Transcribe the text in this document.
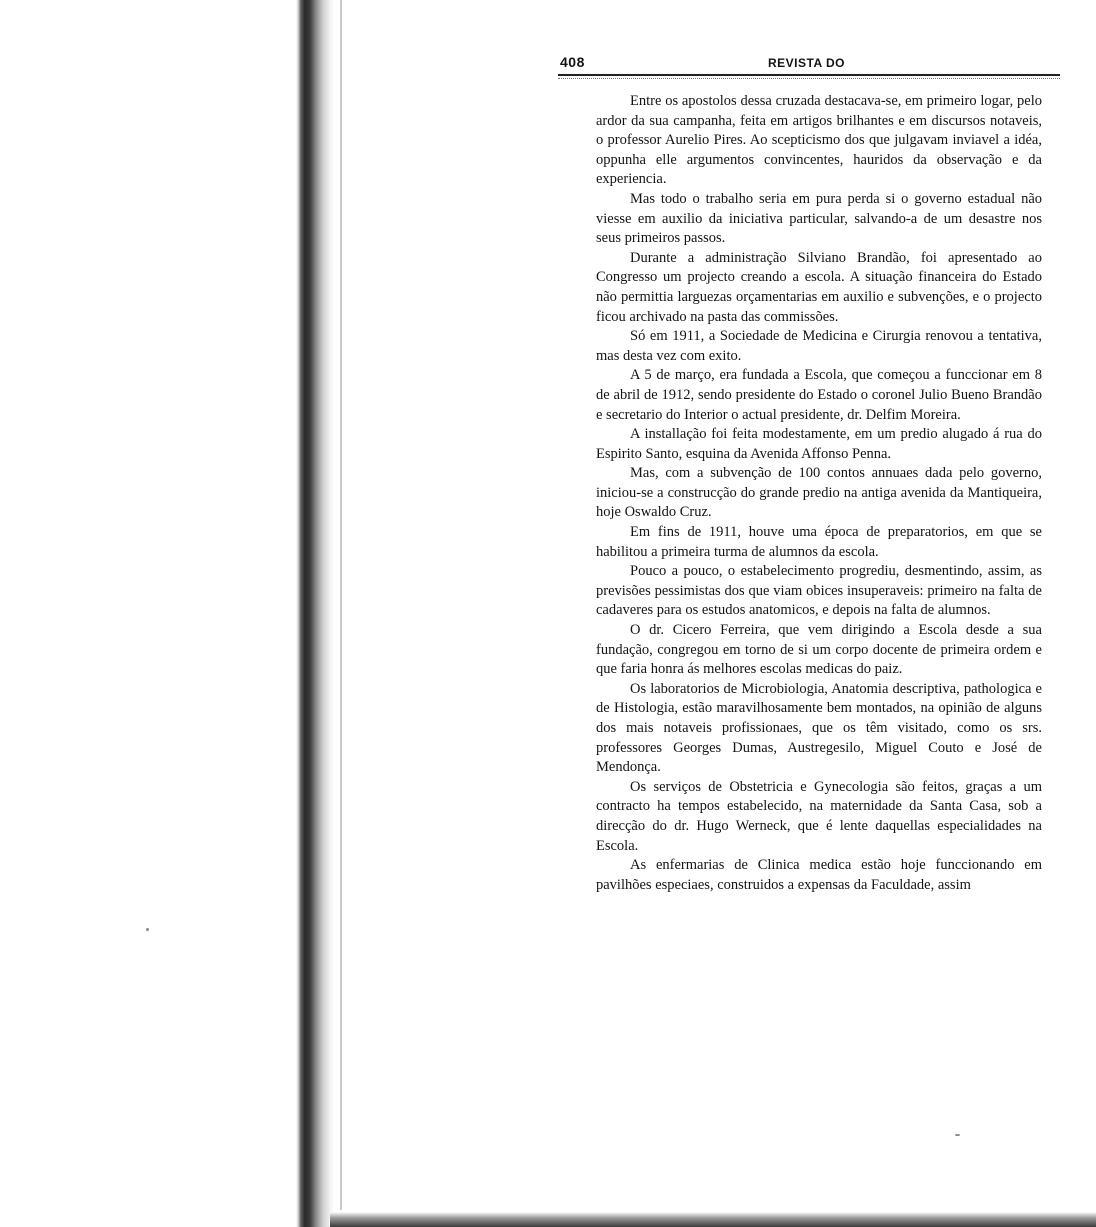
408	REVISTA DO

Entre os apostolos dessa cruzada destacava-se, em primeiro logar, pelo ardor da sua campanha, feita em artigos brilhantes e em discursos notaveis, o professor Aurelio Pires. Ao scepticismo dos que julgavam inviavel a idéa, oppunha elle argumentos convincentes, hauridos da observação e da experiencia.

Mas todo o trabalho seria em pura perda si o governo estadual não viesse em auxilio da iniciativa particular, salvando-a de um desastre nos seus primeiros passos.

Durante a administração Silviano Brandão, foi apresentado ao Congresso um projecto creando a escola. A situação financeira do Estado não permittia larguezas orçamentarias em auxilio e subvenções, e o projecto ficou archivado na pasta das commissões.

Só em 1911, a Sociedade de Medicina e Cirurgia renovou a tentativa, mas desta vez com exito.

A 5 de março, era fundada a Escola, que começou a funccionar em 8 de abril de 1912, sendo presidente do Estado o coronel Julio Bueno Brandão e secretario do Interior o actual presidente, dr. Delfim Moreira.

A installação foi feita modestamente, em um predio alugado á rua do Espirito Santo, esquina da Avenida Affonso Penna.

Mas, com a subvenção de 100 contos annuaes dada pelo governo, iniciou-se a construcção do grande predio na antiga avenida da Mantiqueira, hoje Oswaldo Cruz.

Em fins de 1911, houve uma época de preparatorios, em que se habilitou a primeira turma de alumnos da escola.

Pouco a pouco, o estabelecimento progrediu, desmentindo, assim, as previsões pessimistas dos que viam obices insuperaveis: primeiro na falta de cadaveres para os estudos anatomicos, e depois na falta de alumnos.

O dr. Cicero Ferreira, que vem dirigindo a Escola desde a sua fundação, congregou em torno de si um corpo docente de primeira ordem e que faria honra ás melhores escolas medicas do paiz.

Os laboratorios de Microbiologia, Anatomia descriptiva, pathologica e de Histologia, estão maravilhosamente bem montados, na opinião de alguns dos mais notaveis profissionaes, que os têm visitado, como os srs. professores Georges Dumas, Austregesilo, Miguel Couto e José de Mendonça.

Os serviços de Obstetricia e Gynecologia são feitos, graças a um contracto ha tempos estabelecido, na maternidade da Santa Casa, sob a direcção do dr. Hugo Werneck, que é lente daquellas especialidades na Escola.

As enfermarias de Clinica medica estão hoje funccionando em pavilhões especiaes, construidos a expensas da Faculdade, assim
